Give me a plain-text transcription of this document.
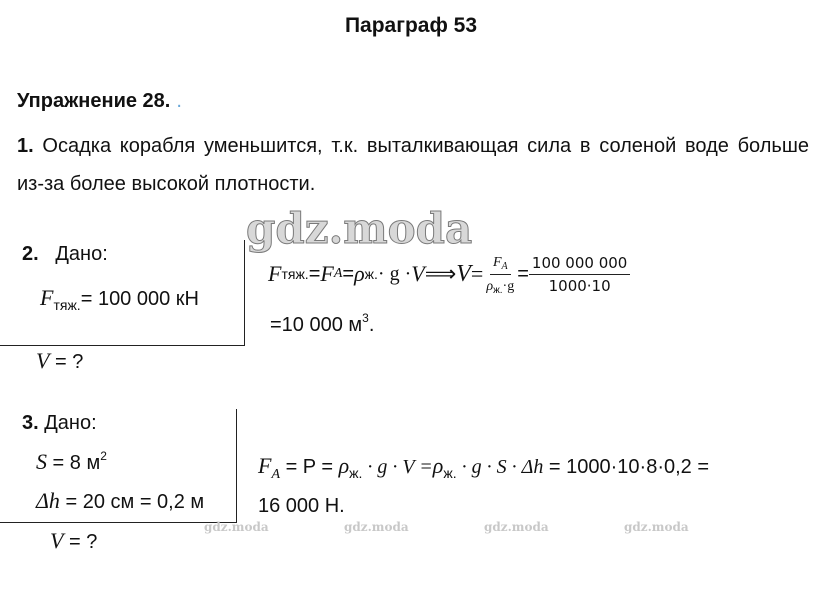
Параграф 53
Упражнение 28. .
1. Осадка корабля уменьшится, т.к. выталкивающая сила в соленой воде больше из-за более высокой плотности.
gdz.moda
2. Дано:
$F_{тяж.}= 100$ 000 кН
V = ?
F тяж. = F A = ρ ж. · g · V ⟹ $V = \frac{F_A}{\rho_{ж.}\cdot g} = \frac{100 000 000}{1000\cdot 10}$
=10 000 $м^3$.
3. Дано:
S = 8 $м^2$
Δh = 20 см = 0,2 м
V = ?
$F_A = P = \rho_{ж.} \cdot g \cdot V =\rho_{ж.} \cdot g \cdot S \cdot \Delta h = 1000\cdot 10\cdot 8\cdot 0,2$ =
16 000 Н.
gdz.moda	gdz.moda	gdz.moda	gdz.moda
